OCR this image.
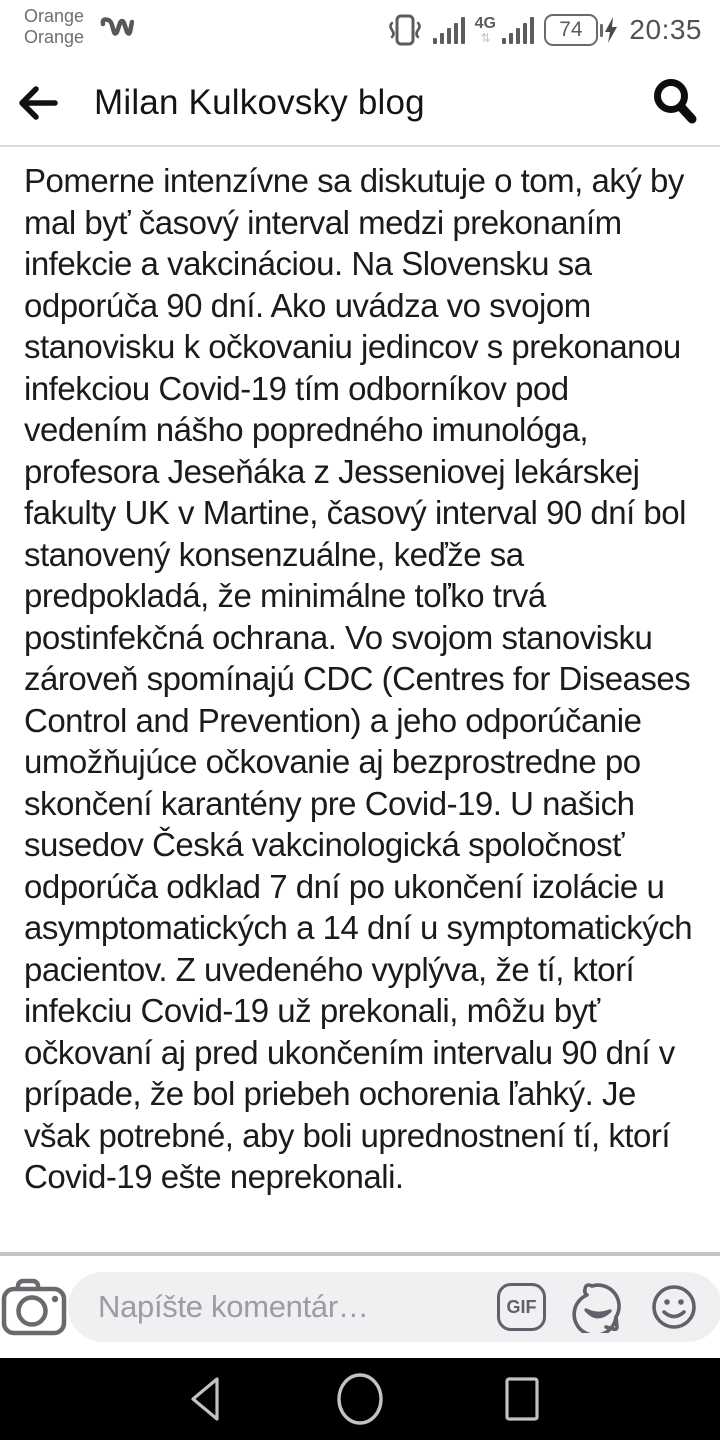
Orange
Orange
4G
⇅	74	20:35
Milan Kulkovsky blog
Pomerne intenzívne sa diskutuje o tom, aký by mal byť časový interval medzi prekonaním infekcie a vakcináciou. Na Slovensku sa odporúča 90 dní. Ako uvádza vo svojom stanovisku k očkovaniu jedincov s prekonanou infekciou Covid-19 tím odborníkov pod vedením nášho popredného imunológa, profesora Jeseňáka z Jesseniovej lekárskej fakulty UK v Martine, časový interval 90 dní bol stanovený konsenzuálne, keďže sa predpokladá, že minimálne toľko trvá postinfekčná ochrana. Vo svojom stanovisku zároveň spomínajú CDC (Centres for Diseases Control and Prevention) a jeho odporúčanie umožňujúce očkovanie aj bezprostredne po skončení karantény pre Covid-19. U našich susedov Česká vakcinologická spoločnosť odporúča odklad 7 dní po ukončení izolácie u asymptomatických a 14 dní u symptomatických pacientov. Z uvedeného vyplýva, že tí, ktorí infekciu Covid-19 už prekonali, môžu byť očkovaní aj pred ukončením intervalu 90 dní v prípade, že bol priebeh ochorenia ľahký. Je však potrebné, aby boli uprednostnení tí, ktorí Covid-19 ešte neprekonali.
Napíšte komentár…
GIF
